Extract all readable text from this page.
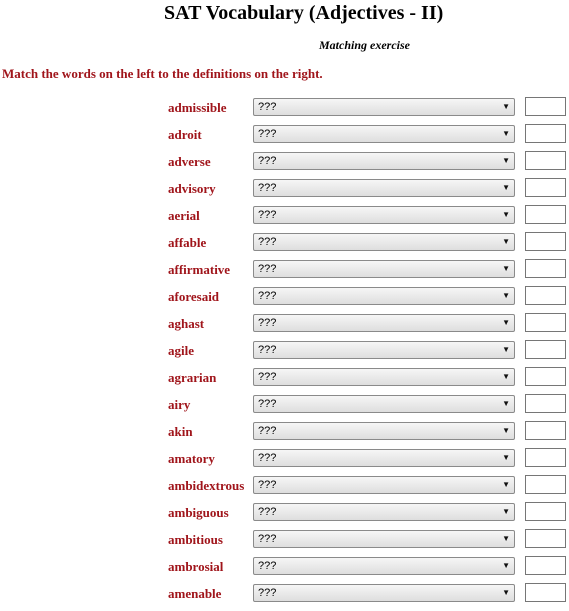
SAT Vocabulary (Adjectives - II)
Matching exercise
Match the words on the left to the definitions on the right.
admissible	???	▼
adroit	???	▼
adverse	???	▼
advisory	???	▼
aerial	???	▼
affable	???	▼
affirmative	???	▼
aforesaid	???	▼
aghast	???	▼
agile	???	▼
agrarian	???	▼
airy	???	▼
akin	???	▼
amatory	???	▼
ambidextrous	???	▼
ambiguous	???	▼
ambitious	???	▼
ambrosial	???	▼
amenable	???	▼
